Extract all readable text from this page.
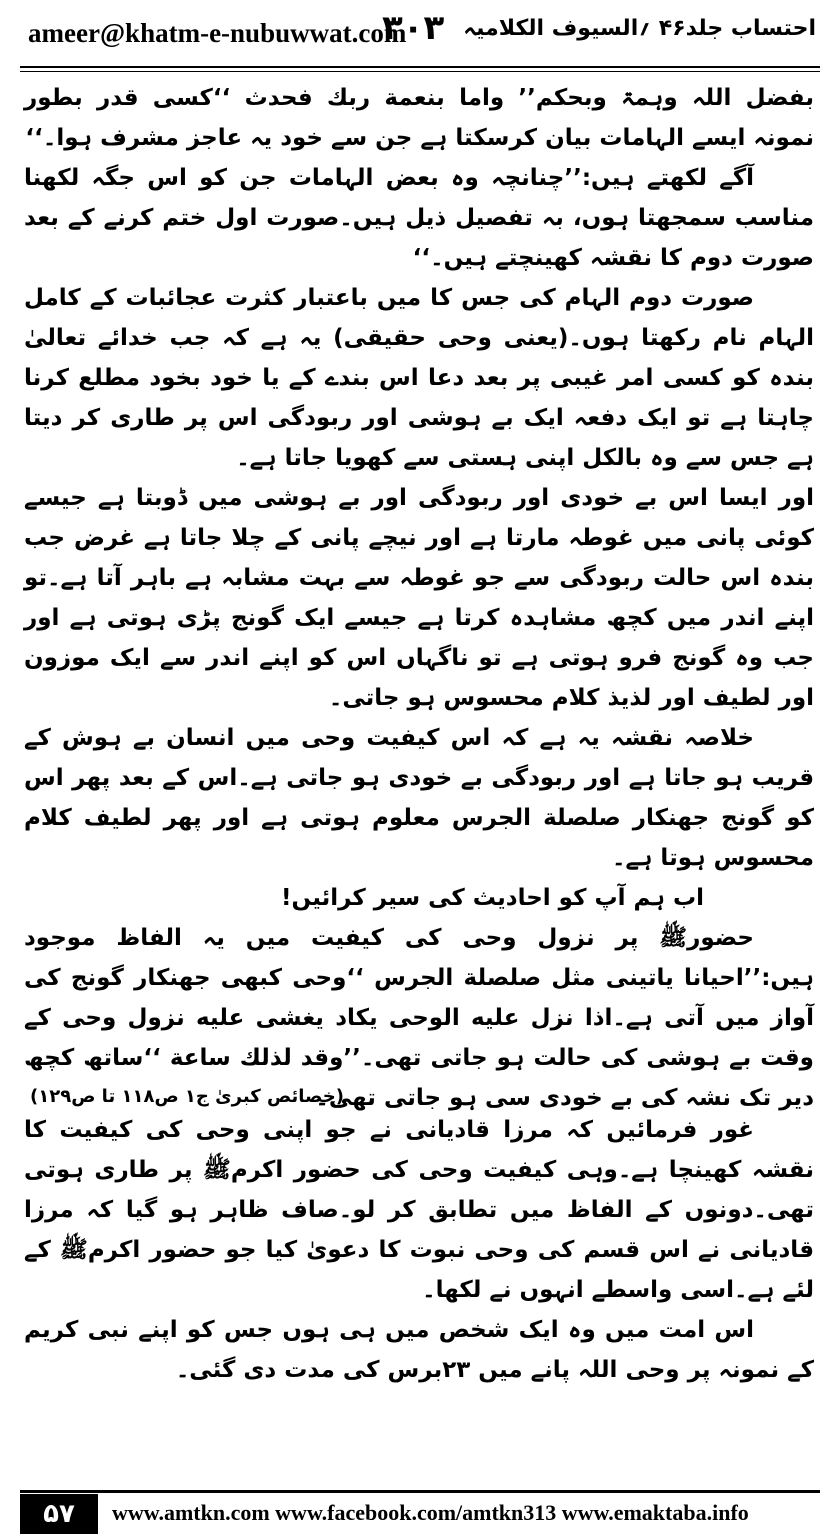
ameer@khatm-e-nubuwwat.com
۳۰۳ احتساب جلد۴۶ ؍السیوف الکلامیہ

بفضل اللہ وہمۃ وبحکم’’ واما بنعمة ربك فحدث ‘‘کسی قدر بطور نمونہ ایسے الہامات بیان کرسکتا ہے جن سے خود یہ عاجز مشرف ہوا۔‘‘

آگے لکھتے ہیں:’’چنانچہ وہ بعض الہامات جن کو اس جگہ لکھنا مناسب سمجھتا ہوں، بہ تفصیل ذیل ہیں۔صورت اول ختم کرنے کے بعد صورت دوم کا نقشہ کھینچتے ہیں۔‘‘

صورت دوم الہام کی جس کا میں باعتبار کثرت عجائبات کے کامل الہام نام رکھتا ہوں۔(یعنی وحی حقیقی) یہ ہے کہ جب خدائے تعالیٰ بندہ کو کسی امر غیبی پر بعد دعا اس بندے کے یا خود بخود مطلع کرنا چاہتا ہے تو ایک دفعہ ایک بے ہوشی اور ربودگی اس پر طاری کر دیتا ہے جس سے وہ بالکل اپنی ہستی سے کھویا جاتا ہے۔

اور ایسا اس بے خودی اور ربودگی اور بے ہوشی میں ڈوبتا ہے جیسے کوئی پانی میں غوطہ مارتا ہے اور نیچے پانی کے چلا جاتا ہے غرض جب بندہ اس حالت ربودگی سے جو غوطہ سے بہت مشابہ ہے باہر آتا ہے۔تو اپنے اندر میں کچھ مشاہدہ کرتا ہے جیسے ایک گونج پڑی ہوتی ہے اور جب وہ گونج فرو ہوتی ہے تو ناگہاں اس کو اپنے اندر سے ایک موزون اور لطیف اور لذیذ کلام محسوس ہو جاتی۔

خلاصہ نقشہ یہ ہے کہ اس کیفیت وحی میں انسان بے ہوش کے قریب ہو جاتا ہے اور ربودگی بے خودی ہو جاتی ہے۔اس کے بعد پھر اس کو گونج جھنکار صلصلة الجرس معلوم ہوتی ہے اور پھر لطیف کلام محسوس ہوتا ہے۔

اب ہم آپ کو احادیث کی سیر کرائیں!

حضورﷺ پر نزول وحی کی کیفیت میں یہ الفاظ موجود ہیں:’’احیانا یاتینی مثل صلصلة الجرس ‘‘وحی کبھی جھنکار گونج کی آواز میں آتی ہے۔اذا نزل علیه الوحی یکاد یغشی علیه نزول وحی کے وقت بے ہوشی کی حالت ہو جاتی تھی۔’’وقد لذلك ساعة ‘‘ساتھ کچھ دیر تک نشہ کی بے خودی سی ہو جاتی تھی۔

(خصائص کبریٰ ج۱ ص۱۱۸ تا ص۱۲۹)

غور فرمائیں کہ مرزا قادیانی نے جو اپنی وحی کی کیفیت کا نقشہ کھینچا ہے۔وہی کیفیت وحی کی حضور اکرمﷺ پر طاری ہوتی تھی۔دونوں کے الفاظ میں تطابق کر لو۔صاف ظاہر ہو گیا کہ مرزا قادیانی نے اس قسم کی وحی نبوت کا دعویٰ کیا جو حضور اکرمﷺ کے لئے ہے۔اسی واسطے انہوں نے لکھا۔

اس امت میں وہ ایک شخص میں ہی ہوں جس کو اپنے نبی کریم کے نمونہ پر وحی اللہ پانے میں ۲۳برس کی مدت دی گئی۔

۵۷	www.amtkn.com www.facebook.com/amtkn313 www.emaktaba.info
